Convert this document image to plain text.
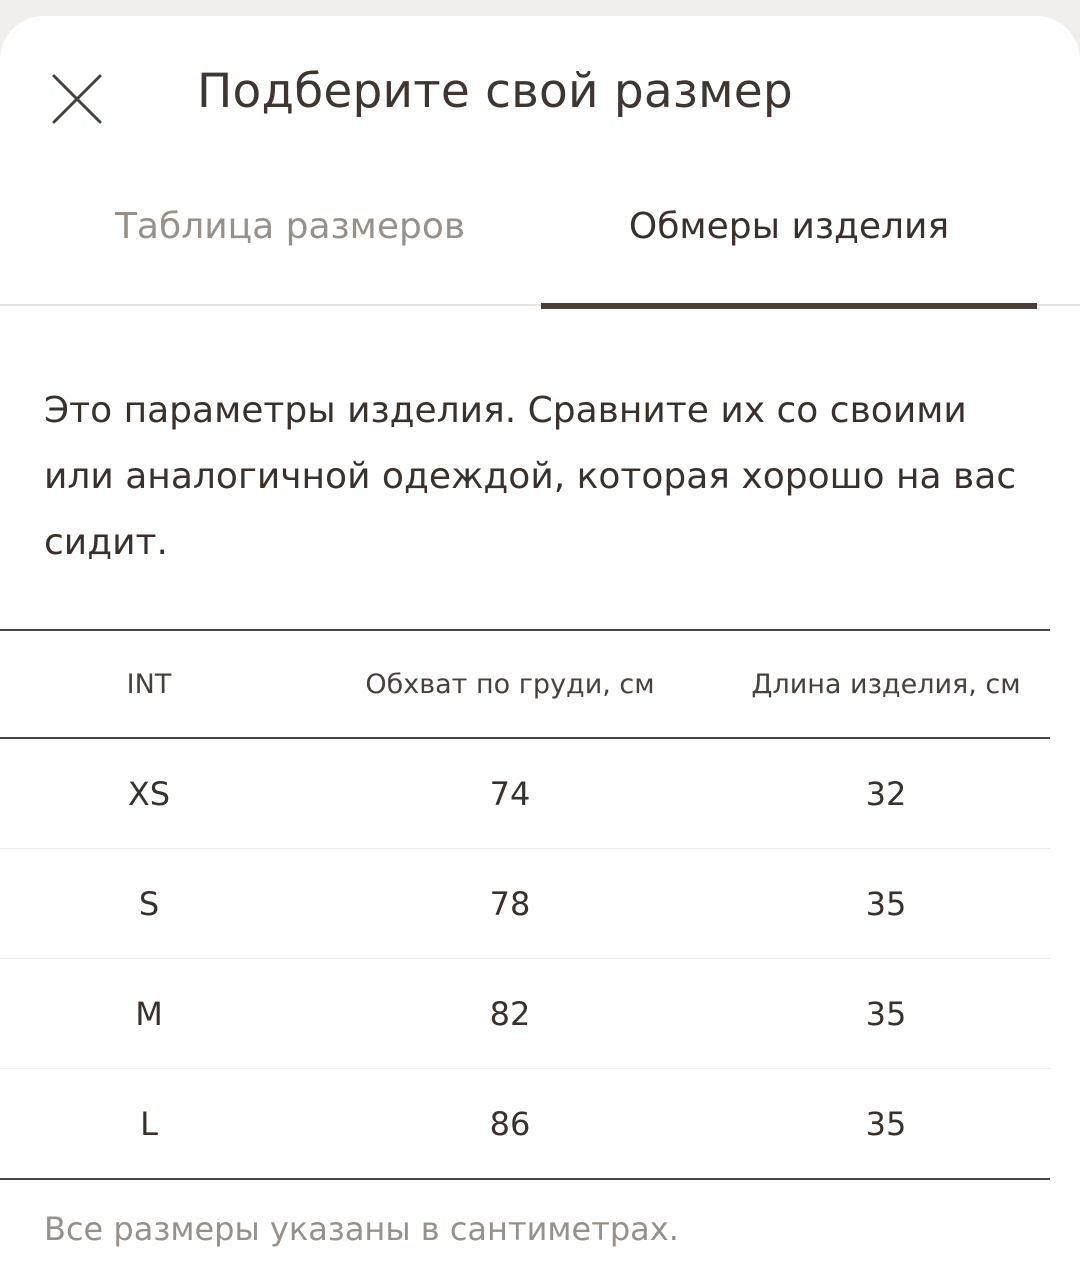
Подберите свой размер
Таблица размеров	Обмеры изделия

Это параметры изделия. Сравните их со своими или аналогичной одеждой, которая хорошо на вас сидит.

INT	Обхват по груди, см	Длина изделия, см
XS	74	32
S	78	35
M	82	35
L	86	35
Все размеры указаны в сантиметрах.
